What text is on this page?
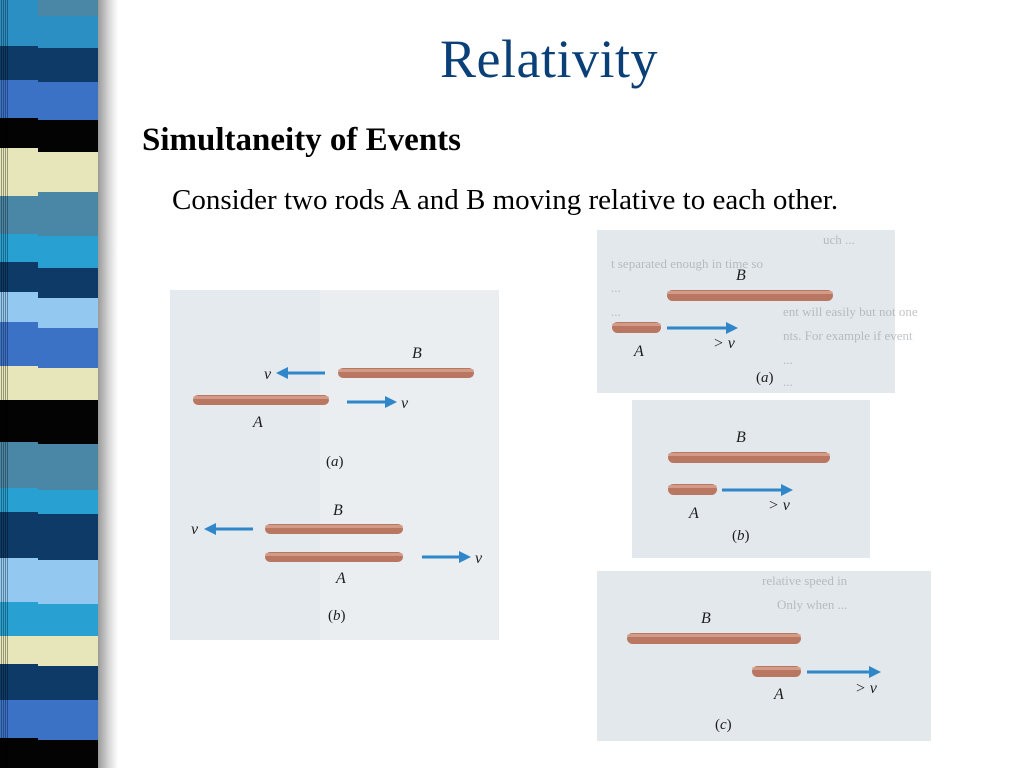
Relativity
Simultaneity of Events

Consider two rods A and B moving relative to each other.

B
v
v
A
(a)
B
v
v
A
(b)
uch ...
t separated enough in time so
...
...	ent will easily but not one
nts. For example if event
...
...
B
> v
A
(a)
B
> v
A
(b)
relative speed in
Only when ...
B
> v
A
(c)
